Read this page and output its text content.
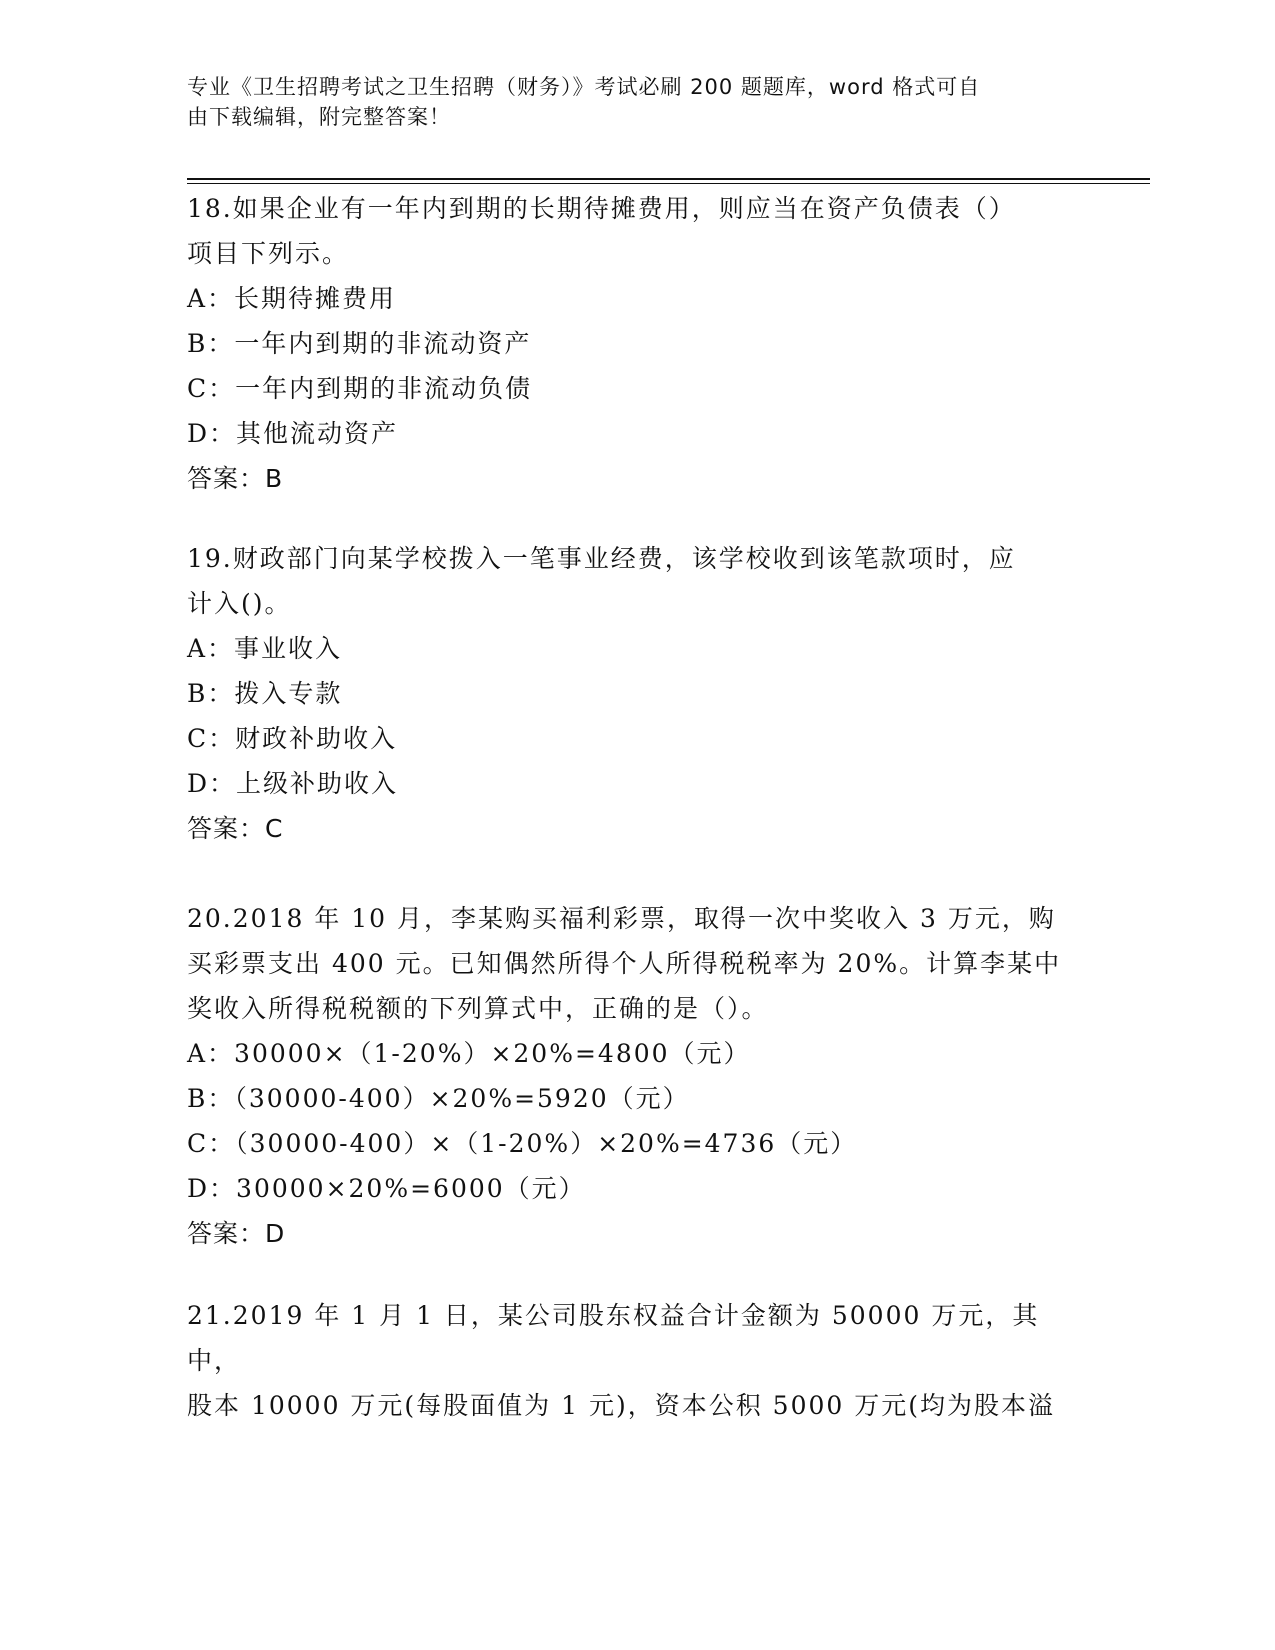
专业《卫生招聘考试之卫生招聘（财务）》考试必刷 200 题题库，word 格式可自
由下载编辑，附完整答案！

18.如果企业有一年内到期的长期待摊费用，则应当在资产负债表（）

项目下列示。

A：长期待摊费用

B：一年内到期的非流动资产

C：一年内到期的非流动负债

D：其他流动资产

答案：B

19.财政部门向某学校拨入一笔事业经费，该学校收到该笔款项时，应

计入()。

A：事业收入

B：拨入专款

C：财政补助收入

D：上级补助收入

答案：C

20.2018 年 10 月，李某购买福利彩票，取得一次中奖收入 3 万元，购

买彩票支出 400 元。已知偶然所得个人所得税税率为 20%。计算李某中

奖收入所得税税额的下列算式中，正确的是（）。

A：30000×（1-20%）×20%=4800（元）

B：（30000-400）×20%=5920（元）

C：（30000-400）×（1-20%）×20%=4736（元）

D：30000×20%=6000（元）

答案：D

21.2019 年 1 月 1 日，某公司股东权益合计金额为 50000 万元，其中，

股本 10000 万元(每股面值为 1 元)，资本公积 5000 万元(均为股本溢
